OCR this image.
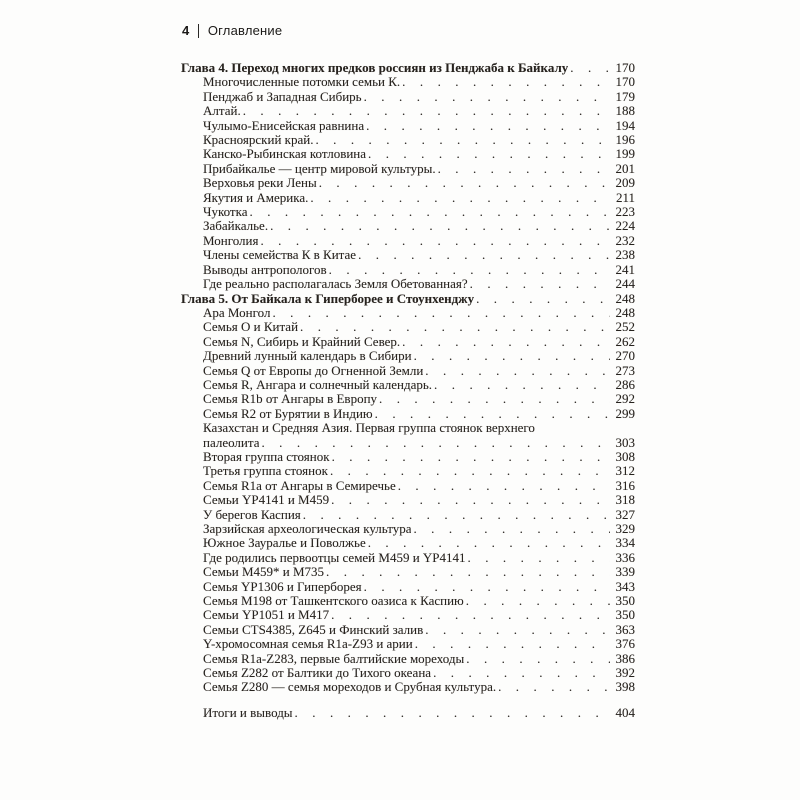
4 Оглавление
Глава 4. Переход многих предков россиян из Пенджаба к Байкалу . . .	170
Многочисленные потомки семьи К. . . .	170
Пенджаб и Западная Сибирь . . .	179
Алтай. . . .	188
Чулымо-Енисейская равнина . . .	194
Красноярский край. . . .	196
Канско-Рыбинская котловина . . .	199
Прибайкалье — центр мировой культуры. . . .	201
Верховья реки Лены . . .	209
Якутия и Америка. . . .	211
Чукотка . . .	223
Забайкалье. . . .	224
Монголия . . .	232
Члены семейства К в Китае . . .	238
Выводы антропологов . . .	241
Где реально располагалась Земля Обетованная? . . .	244
Глава 5. От Байкала к Гиперборее и Стоунхенджу . . .	248
Ара Монгол . . .	248
Семья О и Китай . . .	252
Семья N, Сибирь и Крайний Север. . . .	262
Древний лунный календарь в Сибири . . .	270
Семья Q от Европы до Огненной Земли . . .	273
Семья R, Ангара и солнечный календарь. . . .	286
Семья R1b от Ангары в Европу . . .	292
Семья R2 от Бурятии в Индию . . .	299
Казахстан и Средняя Азия. Первая группа стоянок верхнего
палеолита . . .	303
Вторая группа стоянок . . .	308
Третья группа стоянок . . .	312
Семья R1a от Ангары в Семиречье . . .	316
Семьи YP4141 и М459 . . .	318
У берегов Каспия . . .	327
Зарзийская археологическая культура . . .	329
Южное Зауралье и Поволжье . . .	334
Где родились первоотцы семей М459 и YP4141 . . .	336
Семьи М459* и М735 . . .	339
Семья YP1306 и Гиперборея . . .	343
Семья М198 от Ташкентского оазиса к Каспию . . .	350
Семьи YP1051 и М417 . . .	350
Семьи CTS4385, Z645 и Финский залив . . .	363
Y-хромосомная семья R1a-Z93 и арии . . .	376
Семья R1a-Z283, первые балтийские мореходы . . .	386
Семья Z282 от Балтики до Тихого океана . . .	392
Семья Z280 — семья мореходов и Срубная культура. . . .	398
Итоги и выводы . . .	404
